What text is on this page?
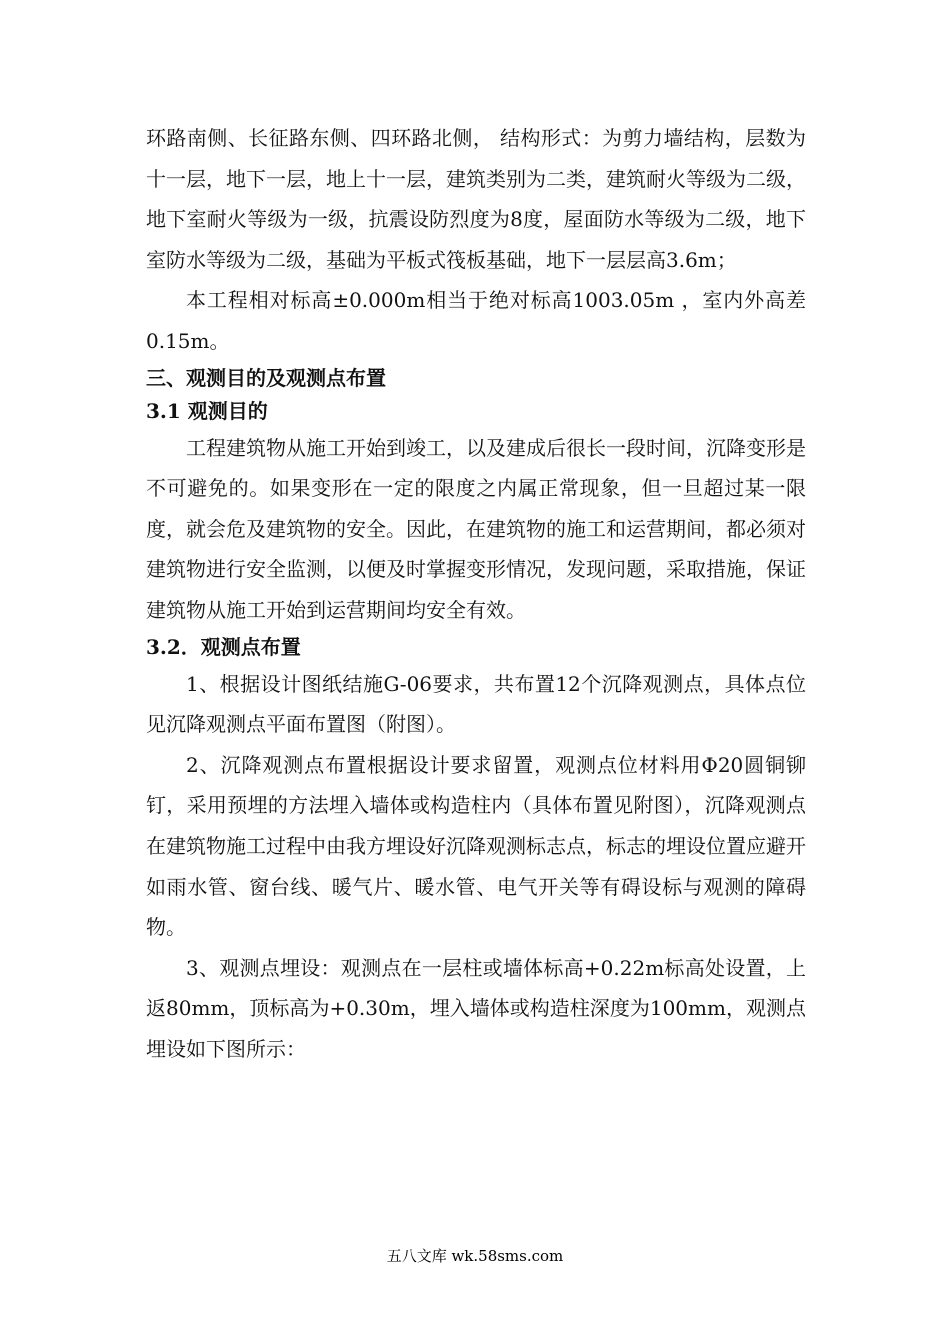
环路南侧、长征路东侧、四环路北侧， 结构形式：为剪力墙结构，层数为十一层，地下一层，地上十一层，建筑类别为二类，建筑耐火等级为二级，地下室耐火等级为一级，抗震设防烈度为8度，屋面防水等级为二级，地下室防水等级为二级，基础为平板式筏板基础，地下一层层高3.6m；

本工程相对标高±0.000m相当于绝对标高1003.05m ，室内外高差0.15m。

三、观测目的及观测点布置

3.1 观测目的

工程建筑物从施工开始到竣工，以及建成后很长一段时间，沉降变形是不可避免的。如果变形在一定的限度之内属正常现象，但一旦超过某一限度，就会危及建筑物的安全。因此，在建筑物的施工和运营期间，都必须对建筑物进行安全监测，以便及时掌握变形情况，发现问题，采取措施，保证建筑物从施工开始到运营期间均安全有效。

3.2．观测点布置

1、根据设计图纸结施G-06要求，共布置12个沉降观测点，具体点位见沉降观测点平面布置图（附图）。

2、沉降观测点布置根据设计要求留置，观测点位材料用Φ20圆铜铆钉，采用预埋的方法埋入墙体或构造柱内（具体布置见附图），沉降观测点在建筑物施工过程中由我方埋设好沉降观测标志点，标志的埋设位置应避开如雨水管、窗台线、暖气片、暖水管、电气开关等有碍设标与观测的障碍物。

3、观测点埋设：观测点在一层柱或墙体标高+0.22m标高处设置，上返80mm，顶标高为+0.30m，埋入墙体或构造柱深度为100mm，观测点埋设如下图所示：

五八文库 wk.58sms.com
